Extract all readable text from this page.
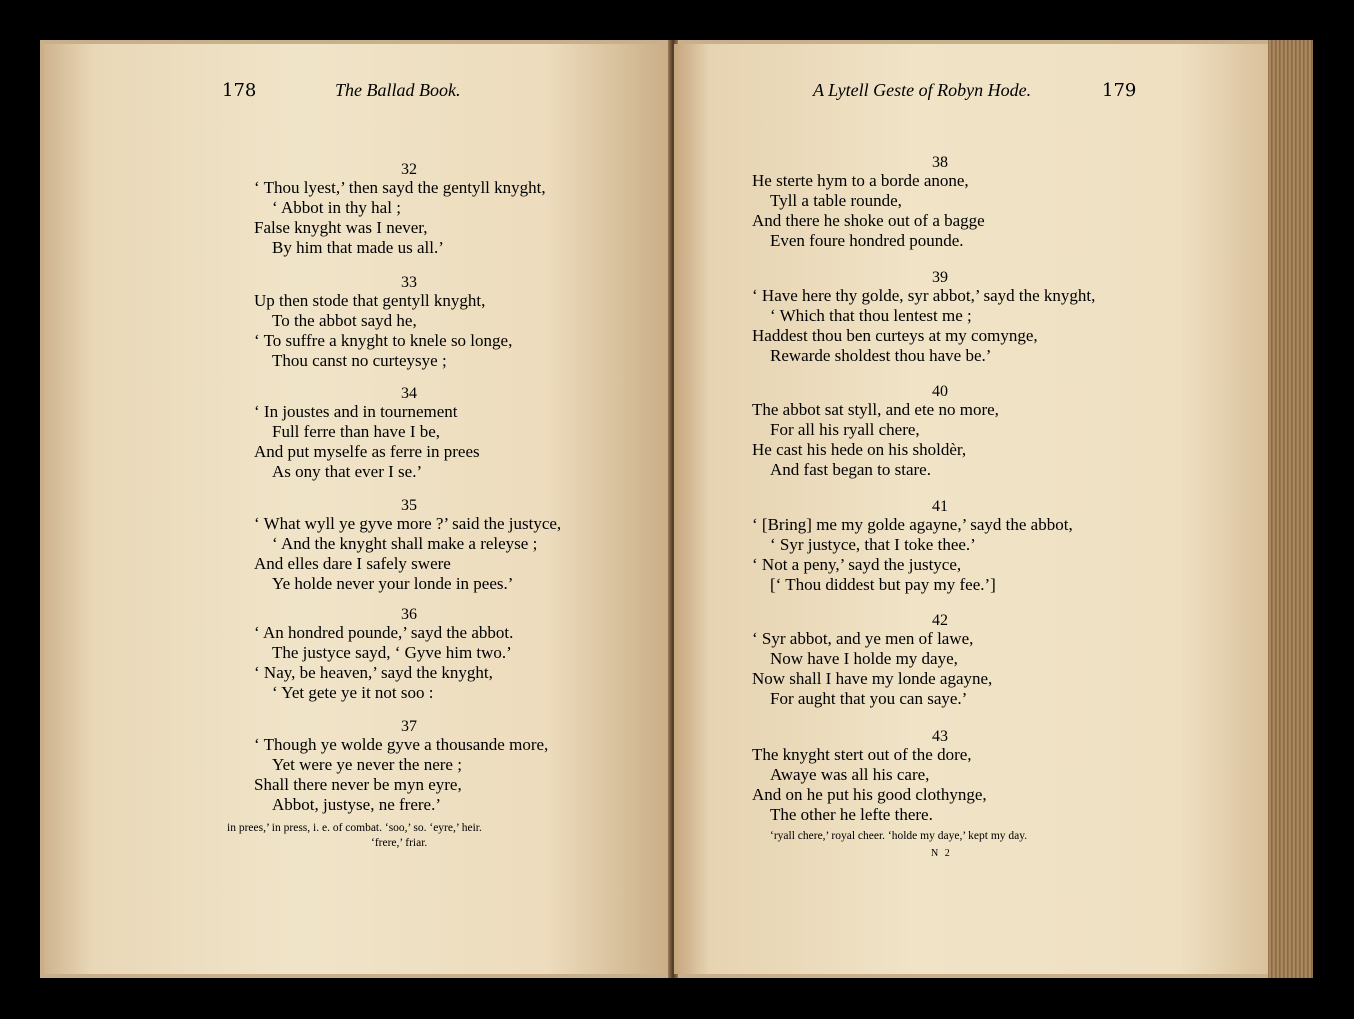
178	The Ballad Book.	A Lytell Geste of Robyn Hode.	179
32
‘ Thou lyest,’ then sayd the gentyll knyght,
‘ Abbot in thy hal ;
False knyght was I never,
By him that made us all.’
33
Up then stode that gentyll knyght,
To the abbot sayd he,
‘ To suffre a knyght to knele so longe,
Thou canst no curteysye ;
34
‘ In joustes and in tournement
Full ferre than have I be,
And put myselfe as ferre in prees
As ony that ever I se.’
35
‘ What wyll ye gyve more ?’ said the justyce,
‘ And the knyght shall make a releyse ;
And elles dare I safely swere
Ye holde never your londe in pees.’
36
‘ An hondred pounde,’ sayd the abbot.
The justyce sayd, ‘ Gyve him two.’
‘ Nay, be heaven,’ sayd the knyght,
‘ Yet gete ye it not soo :
37
‘ Though ye wolde gyve a thousande more,
Yet were ye never the nere ;
Shall there never be myn eyre,
Abbot, justyse, ne frere.’
in prees,’ in press, i. e. of combat. ‘soo,’ so. ‘eyre,’ heir.
‘frere,’ friar.
38
He sterte hym to a borde anone,
Tyll a table rounde,
And there he shoke out of a bagge
Even foure hondred pounde.
39
‘ Have here thy golde, syr abbot,’ sayd the knyght,
‘ Which that thou lentest me ;
Haddest thou ben curteys at my comynge,
Rewarde sholdest thou have be.’
40
The abbot sat styll, and ete no more,
For all his ryall chere,
He cast his hede on his sholdèr,
And fast began to stare.
41
‘ [Bring] me my golde agayne,’ sayd the abbot,
‘ Syr justyce, that I toke thee.’
‘ Not a peny,’ sayd the justyce,
[‘ Thou diddest but pay my fee.’]
42
‘ Syr abbot, and ye men of lawe,
Now have I holde my daye,
Now shall I have my londe agayne,
For aught that you can saye.’
43
The knyght stert out of the dore,
Awaye was all his care,
And on he put his good clothynge,
The other he lefte there.
‘ryall chere,’ royal cheer. ‘holde my daye,’ kept my day.
N 2
